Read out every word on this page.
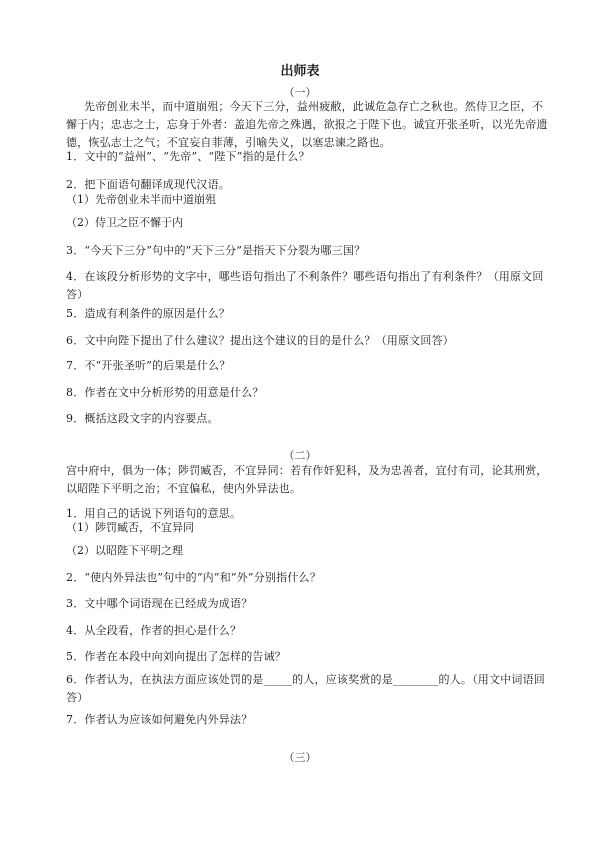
出师表
（一）

先帝创业未半，而中道崩殂；今天下三分，益州疲敝，此诚危急存亡之秋也。然侍卫之臣，不懈于内；忠志之士，忘身于外者：盖追先帝之殊遇，欲报之于陛下也。诚宜开张圣听，以光先帝遗德，恢弘志士之气；不宜妄自菲薄，引喻失义，以塞忠谏之路也。

1．文中的“益州”、“先帝”、“陛下”指的是什么？

2．把下面语句翻译成现代汉语。

（1）先帝创业未半而中道崩殂

（2）侍卫之臣不懈于内

3．“今天下三分”句中的“天下三分”是指天下分裂为哪三国？

4．在该段分析形势的文字中，哪些语句指出了不利条件？哪些语句指出了有利条件？（用原文回答）

5．造成有利条件的原因是什么？

6．文中向陛下提出了什么建议？提出这个建议的目的是什么？（用原文回答）

7．不“开张圣听”的后果是什么？

8．作者在文中分析形势的用意是什么？

9．概括这段文字的内容要点。

（二）

宫中府中，俱为一体；陟罚臧否，不宜异同：若有作奸犯科，及为忠善者，宜付有司，论其刑赏，以昭陛下平明之治；不宜偏私，使内外异法也。

1．用自己的话说下列语句的意思。

（1）陟罚臧否，不宜异同

（2）以昭陛下平明之理

2．“使内外异法也”句中的“内”和“外”分别指什么？

3．文中哪个词语现在已经成为成语？

4．从全段看，作者的担心是什么？

5．作者在本段中向刘向提出了怎样的告诫？

6．作者认为，在执法方面应该处罚的是_____的人，应该奖赏的是________的人。（用文中词语回答）

7．作者认为应该如何避免内外异法？

（三）
